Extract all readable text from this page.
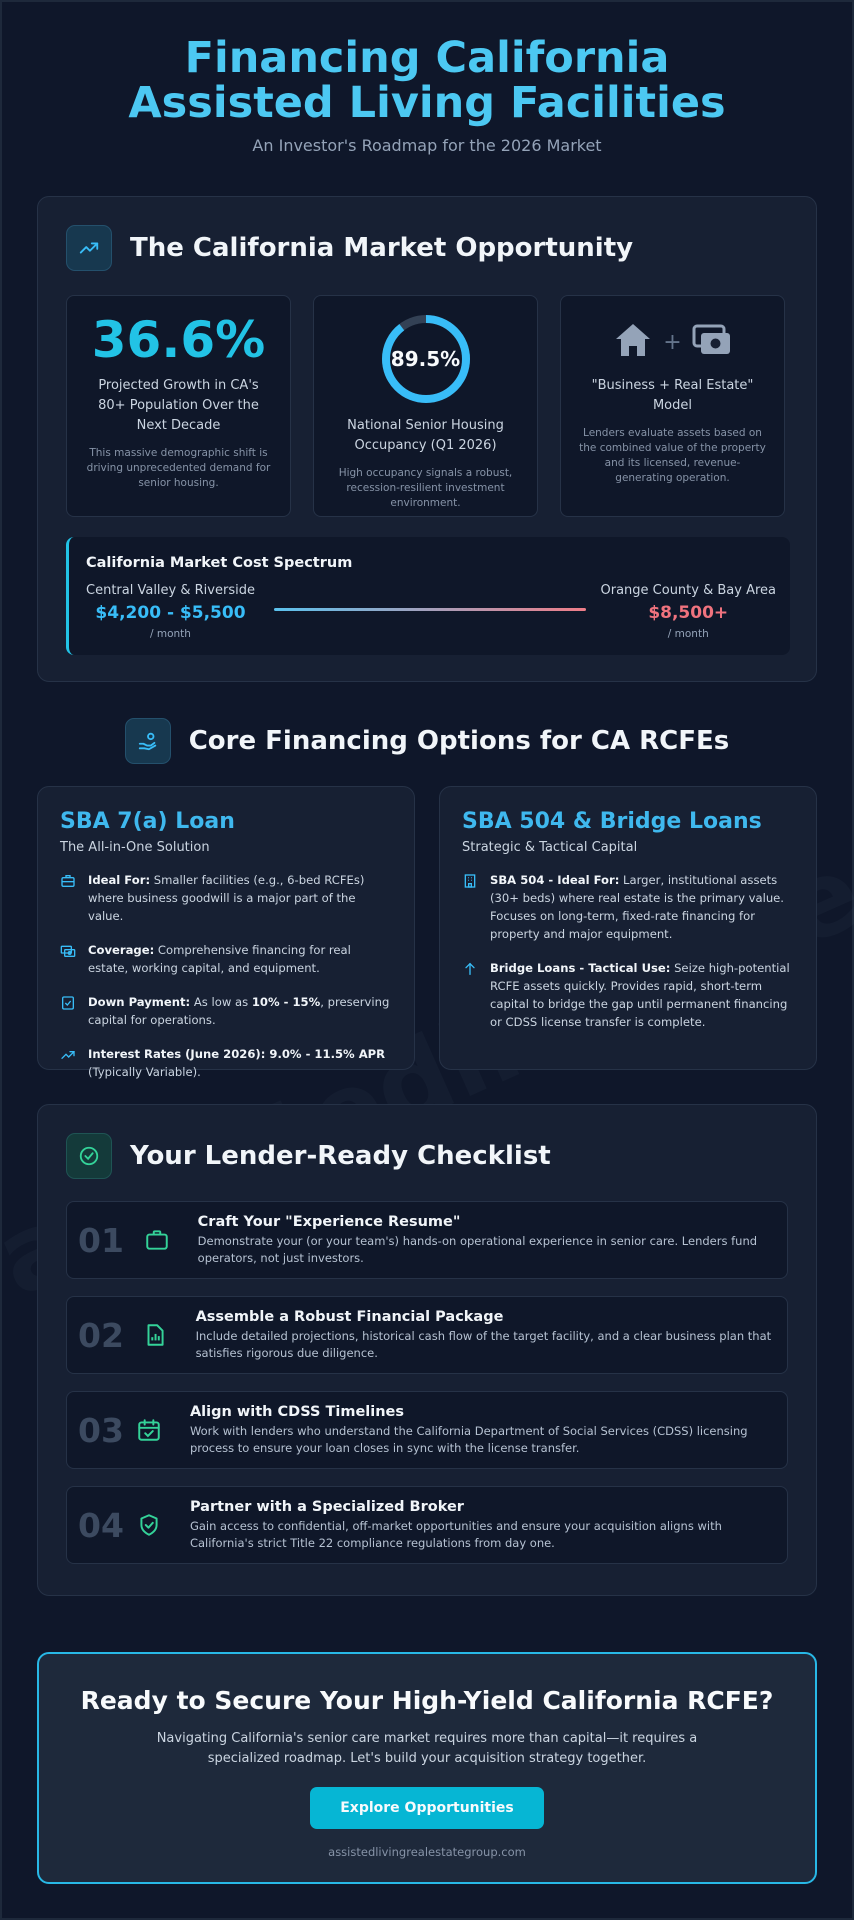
Financing California Assisted Living Facilities
An Investor's Roadmap for the 2026 Market
The California Market Opportunity
36.6%
Projected Growth in CA's 80+ Population Over the Next Decade
This massive demographic shift is driving unprecedented demand for senior housing.
89.5%
National Senior Housing Occupancy (Q1 2026)
High occupancy signals a robust, recession-resilient investment environment.
+
"Business + Real Estate" Model
Lenders evaluate assets based on the combined value of the property and its licensed, revenue-generating operation.
California Market Cost Spectrum
Central Valley & Riverside
$4,200 - $5,500
/ month
Orange County & Bay Area
$8,500+
/ month
Core Financing Options for CA RCFEs
SBA 7(a) Loan
The All-in-One Solution
Ideal For: Smaller facilities (e.g., 6-bed RCFEs) where business goodwill is a major part of the value.
Coverage: Comprehensive financing for real estate, working capital, and equipment.
Down Payment: As low as 10% - 15%, preserving capital for operations.
Interest Rates (June 2026): 9.0% - 11.5% APR (Typically Variable).
SBA 504 & Bridge Loans
Strategic & Tactical Capital
SBA 504 - Ideal For: Larger, institutional assets (30+ beds) where real estate is the primary value. Focuses on long-term, fixed-rate financing for property and major equipment.
Bridge Loans - Tactical Use: Seize high-potential RCFE assets quickly. Provides rapid, short-term capital to bridge the gap until permanent financing or CDSS license transfer is complete.
Your Lender-Ready Checklist
01	Craft Your "Experience Resume"
Demonstrate your (or your team's) hands-on operational experience in senior care. Lenders fund operators, not just investors.
02	Assemble a Robust Financial Package
Include detailed projections, historical cash flow of the target facility, and a clear business plan that satisfies rigorous due diligence.
03	Align with CDSS Timelines
Work with lenders who understand the California Department of Social Services (CDSS) licensing process to ensure your loan closes in sync with the license transfer.
04	Partner with a Specialized Broker
Gain access to confidential, off-market opportunities and ensure your acquisition aligns with California's strict Title 22 compliance regulations from day one.
Ready to Secure Your High-Yield California RCFE?

Navigating California's senior care market requires more than capital—it requires a specialized roadmap. Let's build your acquisition strategy together.

Explore Opportunities
assistedlivingrealestategroup.com
